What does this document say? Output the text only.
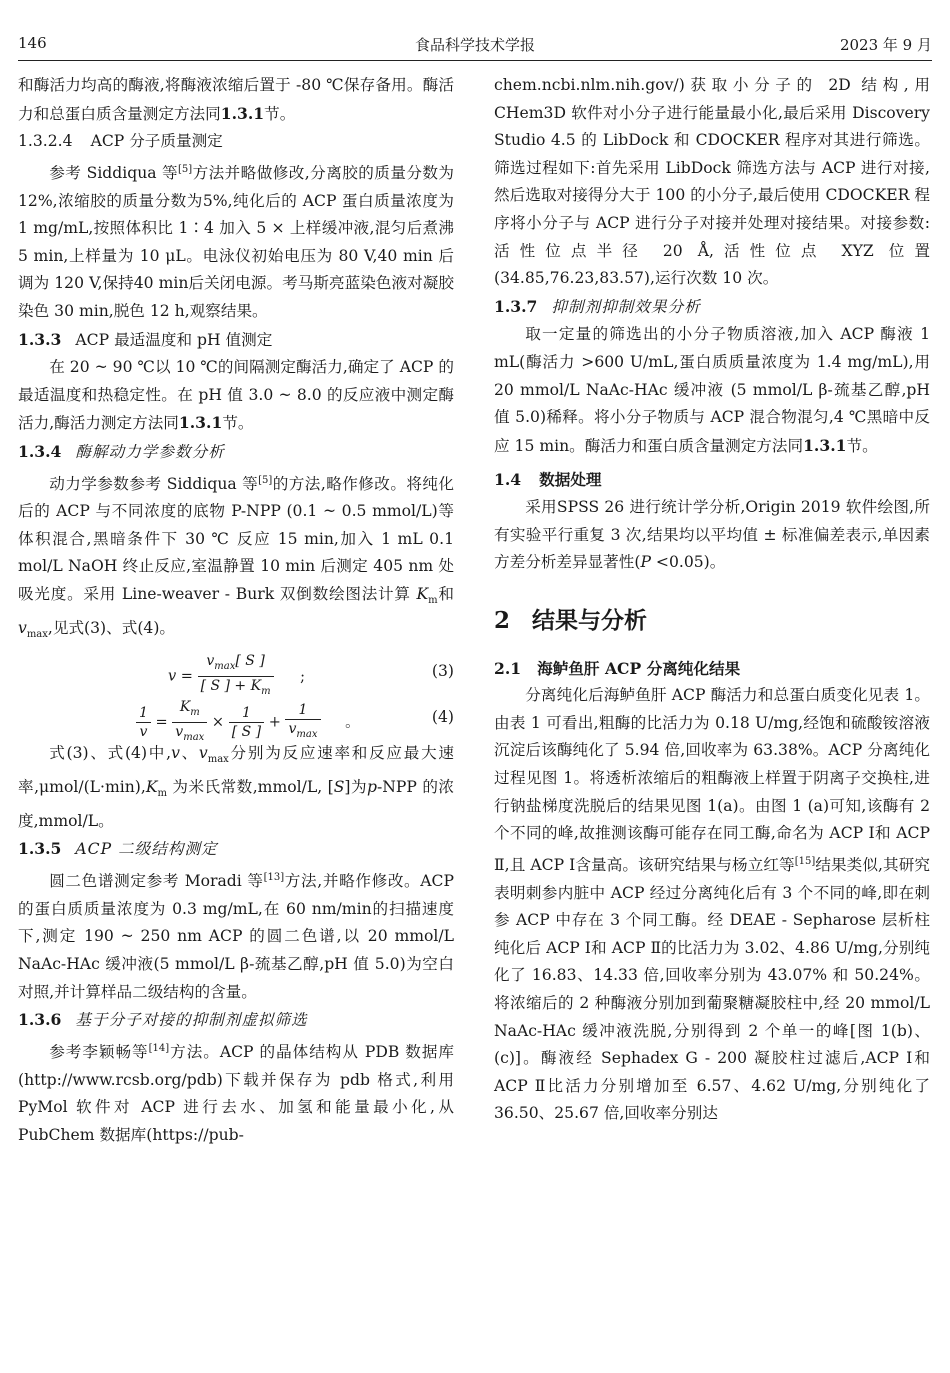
146	食品科学技术学报	2023 年 9 月

和酶活力均高的酶液,将酶液浓缩后置于 -80 ℃保存备用。酶活力和总蛋白质含量测定方法同1.3.1节。

1.3.2.4 ACP 分子质量测定

参考 Siddiqua 等[5]方法并略做修改,分离胶的质量分数为12%,浓缩胶的质量分数为5%,纯化后的 ACP 蛋白质量浓度为 1 mg/mL,按照体积比 1∶4 加入 5 × 上样缓冲液,混匀后煮沸 5 min,上样量为 10 μL。电泳仪初始电压为 80 V,40 min 后调为 120 V,保持40 min后关闭电源。考马斯亮蓝染色液对凝胶染色 30 min,脱色 12 h,观察结果。

1.3.3 ACP 最适温度和 pH 值测定

在 20 ~ 90 ℃以 10 ℃的间隔测定酶活力,确定了 ACP 的最适温度和热稳定性。在 pH 值 3.0 ~ 8.0 的反应液中测定酶活力,酶活力测定方法同1.3.1节。

1.3.4 酶解动力学参数分析

动力学参数参考 Siddiqua 等[5]的方法,略作修改。将纯化后的 ACP 与不同浓度的底物 P-NPP (0.1 ~ 0.5 mmol/L)等体积混合,黑暗条件下 30 ℃ 反应 15 min,加入 1 mL 0.1 mol/L NaOH 终止反应,室温静置 10 min 后测定 405 nm 处吸光度。采用 Line-weaver - Burk 双倒数绘图法计算 $K_m$和 $v_{max}$,见式(3)、式(4)。

$v = \frac{v_{max}[ S ]}{[ S ] + K_m}$ ;	(3)
$\frac{1}{v} = \frac{K_m}{v_{max}} \times \frac{1}{[ S ]} + \frac{1}{v_{max}}$ 。	(4)

式(3)、式(4)中,v、$v_{max}$分别为反应速率和反应最大速率$,\mu mol/(L\cdot\min),K_m$ 为米氏常数,mmol/L, [S]为p-NPP 的浓度,mmol/L。

1.3.5 ACP 二级结构测定

圆二色谱测定参考 Moradi 等[13]方法,并略作修改。ACP 的蛋白质质量浓度为 0.3 mg/mL,在 60 nm/min的扫描速度下,测定 190 ~ 250 nm ACP 的圆二色谱,以 20 mmol/L NaAc-HAc 缓冲液(5 mmol/L β-巯基乙醇,pH 值 5.0)为空白对照,并计算样品二级结构的含量。

1.3.6 基于分子对接的抑制剂虚拟筛选

参考李颖畅等[14]方法。ACP 的晶体结构从 PDB 数据库(http://www.rcsb.org/pdb)下载并保存为 pdb 格式,利用 PyMol 软件对 ACP 进行去水、加氢和能量最小化,从 PubChem 数据库(https://pub-

chem.ncbi.nlm.nih.gov/)获取小分子的 2D 结构,用 CHem3D 软件对小分子进行能量最小化,最后采用 Discovery Studio 4.5 的 LibDock 和 CDOCKER 程序对其进行筛选。筛选过程如下:首先采用 LibDock 筛选方法与 ACP 进行对接,然后选取对接得分大于 100 的小分子,最后使用 CDOCKER 程序将小分子与 ACP 进行分子对接并处理对接结果。对接参数:活性位点半径 20 Å,活性位点 XYZ 位置 (34.85,76.23,83.57),运行次数 10 次。

1.3.7 抑制剂抑制效果分析

取一定量的筛选出的小分子物质溶液,加入 ACP 酶液 1 mL(酶活力 >600 U/mL,蛋白质质量浓度为 1.4 mg/mL),用 20 mmol/L NaAc-HAc 缓冲液 (5 mmol/L β-巯基乙醇,pH 值 5.0)稀释。将小分子物质与 ACP 混合物混匀,4 ℃黑暗中反应 15 min。酶活力和蛋白质含量测定方法同1.3.1节。

1.4 数据处理

采用SPSS 26 进行统计学分析,Origin 2019 软件绘图,所有实验平行重复 3 次,结果均以平均值 ± 标准偏差表示,单因素方差分析差异显著性(P <0.05)。

2 结果与分析

2.1 海鲈鱼肝 ACP 分离纯化结果

分离纯化后海鲈鱼肝 ACP 酶活力和总蛋白质变化见表 1。由表 1 可看出,粗酶的比活力为 0.18 U/mg,经饱和硫酸铵溶液沉淀后该酶纯化了 5.94 倍,回收率为 63.38%。ACP 分离纯化过程见图 1。将透析浓缩后的粗酶液上样置于阴离子交换柱,进行钠盐梯度洗脱后的结果见图 1(a)。由图 1 (a)可知,该酶有 2 个不同的峰,故推测该酶可能存在同工酶,命名为 ACP Ⅰ和 ACP Ⅱ,且 ACP Ⅰ含量高。该研究结果与杨立红等[15]结果类似,其研究表明刺参内脏中 ACP 经过分离纯化后有 3 个不同的峰,即在刺参 ACP 中存在 3 个同工酶。经 DEAE - Sepharose 层析柱纯化后 ACP Ⅰ和 ACP Ⅱ的比活力为 3.02、4.86 U/mg,分别纯化了 16.83、14.33 倍,回收率分别为 43.07% 和 50.24%。将浓缩后的 2 种酶液分别加到葡聚糖凝胶柱中,经 20 mmol/L NaAc-HAc 缓冲液洗脱,分别得到 2 个单一的峰[图 1(b)、(c)]。酶液经 Sephadex G - 200 凝胶柱过滤后,ACP Ⅰ和 ACP Ⅱ比活力分别增加至 6.57、4.62 U/mg,分别纯化了 36.50、25.67 倍,回收率分别达
